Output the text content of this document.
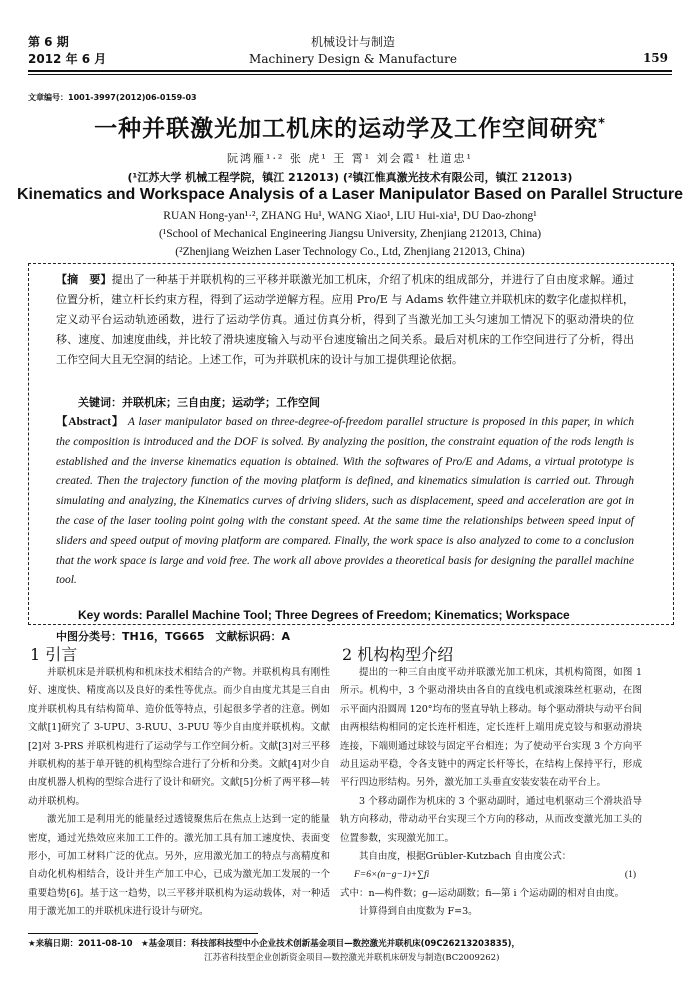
第 6 期
2012 年 6 月
机械设计与制造
Machinery Design & Manufacture	159
文章编号：1001-3997(2012)06-0159-03
一种并联激光加工机床的运动学及工作空间研究*
阮鸿雁¹·² 张 虎¹ 王 霄¹ 刘会霞¹ 杜道忠¹
(¹江苏大学 机械工程学院，镇江 212013) (²镇江惟真激光技术有限公司，镇江 212013)
Kinematics and Workspace Analysis of a Laser Manipulator Based on Parallel Structure
RUAN Hong-yan¹·², ZHANG Hu¹, WANG Xiao¹, LIU Hui-xia¹, DU Dao-zhong¹
(¹School of Mechanical Engineering Jiangsu University, Zhenjiang 212013, China)
(²Zhenjiang Weizhen Laser Technology Co., Ltd, Zhenjiang 212013, China)
【摘　要】提出了一种基于并联机构的三平移并联激光加工机床，介绍了机床的组成部分，并进行了自由度求解。通过位置分析，建立杆长约束方程，得到了运动学逆解方程。应用 Pro/E 与 Adams 软件建立并联机床的数字化虚拟样机，定义动平台运动轨迹函数，进行了运动学仿真。通过仿真分析，得到了当激光加工头匀速加工情况下的驱动滑块的位移、速度、加速度曲线，并比较了滑块速度输入与动平台速度输出之间关系。最后对机床的工作空间进行了分析，得出工作空间大且无空洞的结论。上述工作，可为并联机床的设计与加工提供理论依据。
关键词：并联机床；三自由度；运动学；工作空间
【Abstract】 A laser manipulator based on three-degree-of-freedom parallel structure is proposed in this paper, in which the composition is introduced and the DOF is solved. By analyzing the position, the constraint equation of the rods length is established and the inverse kinematics equation is obtained. With the softwares of Pro/E and Adams, a virtual prototype is created. Then the trajectory function of the moving platform is defined, and kinematics simulation is carried out. Through simulating and analyzing, the Kinematics curves of driving sliders, such as displacement, speed and acceleration are got in the case of the laser tooling point going with the constant speed. At the same time the relationships between speed input of sliders and speed output of moving platform are compared. Finally, the work space is also analyzed to come to a conclusion that the work space is large and void free. The work all above provides a theoretical basis for designing the parallel machine tool.
Key words: Parallel Machine Tool; Three Degrees of Freedom; Kinematics; Workspace
中图分类号：TH16，TG665　文献标识码：A
1 引言

并联机床是并联机构和机床技术相结合的产物。并联机构具有刚性好、速度快、精度高以及良好的柔性等优点。而少自由度尤其是三自由度并联机构具有结构简单、造价低等特点，引起很多学者的注意。例如文献[1]研究了 3-UPU、3-RUU、3-PUU 等少自由度并联机构。文献[2]对 3-PRS 并联机构进行了运动学与工作空间分析。文献[3]对三平移并联机构的基于单开链的机构型综合进行了分析和分类。文献[4]对少自由度机器人机构的型综合进行了设计和研究。文献[5]分析了两平移—转动并联机构。

激光加工是利用光的能量经过透镜聚焦后在焦点上达到一定的能量密度，通过光热效应来加工工件的。激光加工具有加工速度快、表面变形小，可加工材料广泛的优点。另外，应用激光加工的特点与高精度和自动化机构相结合，设计并生产加工中心，已成为激光加工发展的一个重要趋势[6]。基于这一趋势，以三平移并联机构为运动载体，对一种适用于激光加工的并联机床进行设计与研究。

2 机构构型介绍

提出的一种三自由度平动并联激光加工机床，其机构简图，如图 1 所示。机构中，3 个驱动滑块由各自的直线电机或滚珠丝杠驱动，在图示平面内沿圆周 120°均布的竖直导轨上移动。每个驱动滑块与动平台间由两根结构相同的定长连杆相连，定长连杆上端用虎克铰与和驱动滑块连接，下端则通过球铰与固定平台相连；为了使动平台实现 3 个方向平动且运动平稳，令各支链中的两定长杆等长，在结构上保持平行，形成平行四边形结构。另外，激光加工头垂直安装安装在动平台上。

3 个移动副作为机床的 3 个驱动副时，通过电机驱动三个滑块沿导轨方向移动，带动动平台实现三个方向的移动，从而改变激光加工头的位置参数，实现激光加工。

其自由度，根据Grübler-Kutzbach 自由度公式：

F=6×(n−g−1)+∑fi	(1)

式中：n—构件数；g—运动副数；fi—第 i 个运动副的相对自由度。

计算得到自由度数为 F=3。

★来稿日期：2011-08-10　★基金项目：科技部科技型中小企业技术创新基金项目—数控激光并联机床(09C26213203835)，
江苏省科技型企业创新资金项目—数控激光并联机床研发与制造(BC2009262)
